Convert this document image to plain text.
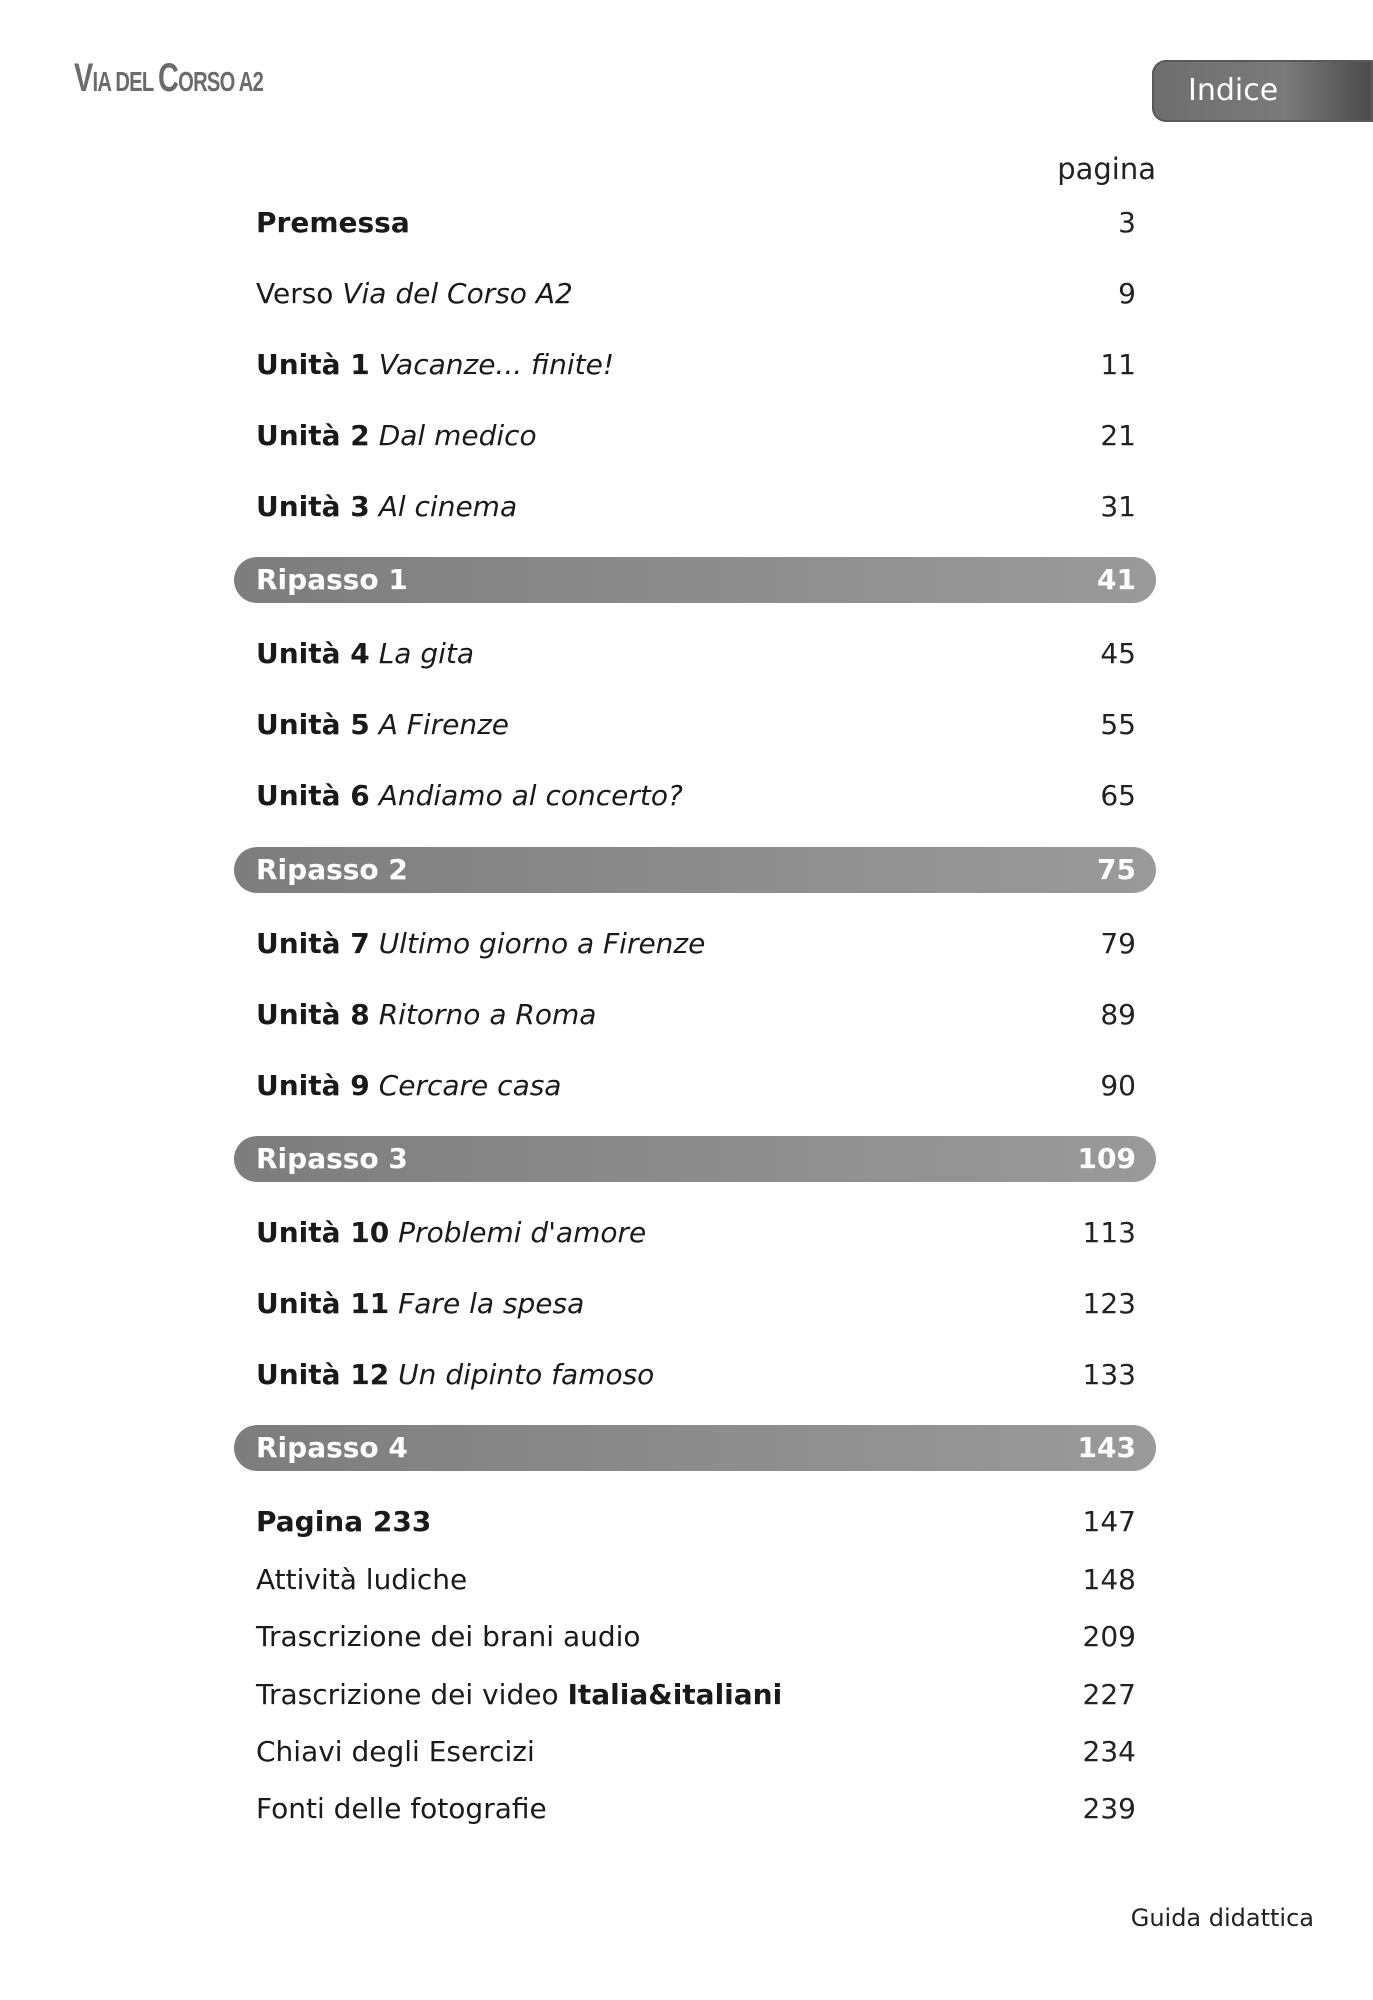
VIA DEL CORSO A2	Indice
pagina
Premessa	3
Verso Via del Corso A2	9
Unità 1 Vacanze... finite!	11
Unità 2 Dal medico	21
Unità 3 Al cinema	31
Ripasso 1	41
Unità 4 La gita	45
Unità 5 A Firenze	55
Unità 6 Andiamo al concerto?	65
Ripasso 2	75
Unità 7 Ultimo giorno a Firenze	79
Unità 8 Ritorno a Roma	89
Unità 9 Cercare casa	90
Ripasso 3	109
Unità 10 Problemi d'amore	113
Unità 11 Fare la spesa	123
Unità 12 Un dipinto famoso	133
Ripasso 4	143
Pagina 233	147
Attività ludiche	148
Trascrizione dei brani audio	209
Trascrizione dei video Italia&italiani	227
Chiavi degli Esercizi	234
Fonti delle fotografie	239
Guida didattica
